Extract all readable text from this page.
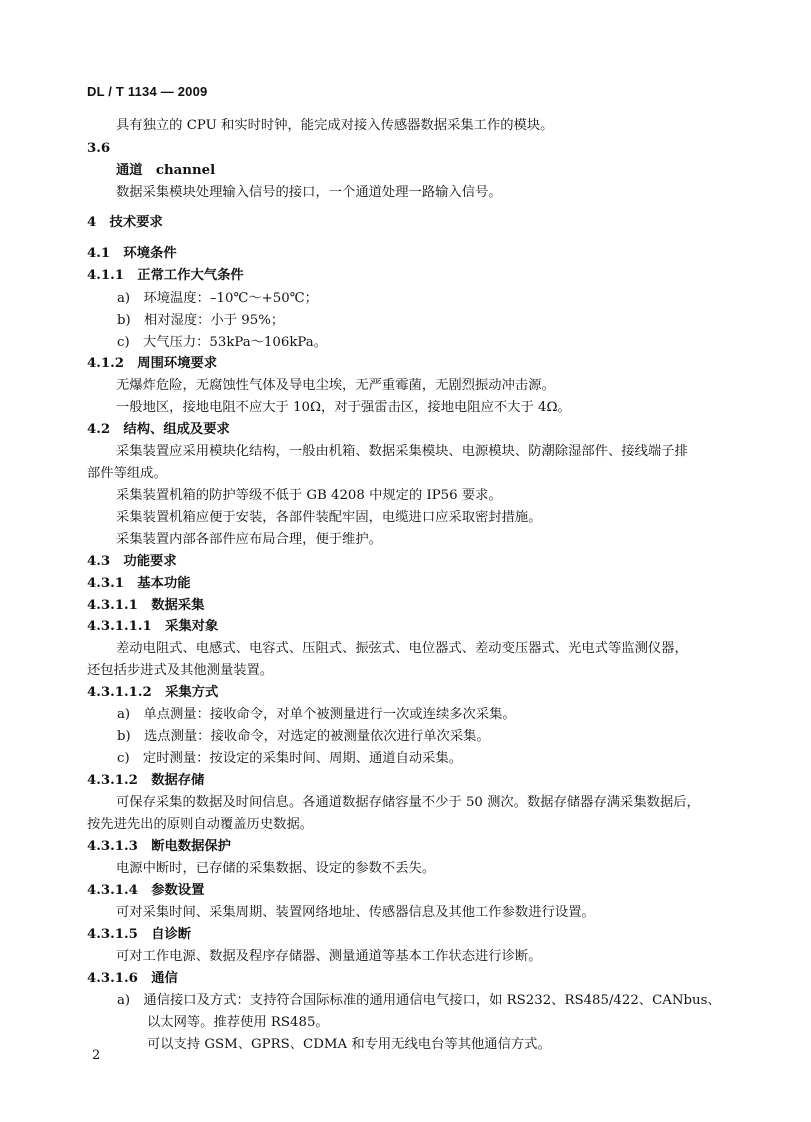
DL / T 1134 — 2009
具有独立的 CPU 和实时时钟，能完成对接入传感器数据采集工作的模块。
3.6
通道　channel
数据采集模块处理输入信号的接口，一个通道处理一路输入信号。
4　技术要求
4.1　环境条件
4.1.1　正常工作大气条件
a)　环境温度：–10℃～+50℃；
b)　相对湿度：小于 95%；
c)　大气压力：53kPa～106kPa。
4.1.2　周围环境要求
无爆炸危险，无腐蚀性气体及导电尘埃，无严重霉菌，无剧烈振动冲击源。
一般地区，接地电阻不应大于 10Ω，对于强雷击区，接地电阻应不大于 4Ω。
4.2　结构、组成及要求
采集装置应采用模块化结构，一般由机箱、数据采集模块、电源模块、防潮除湿部件、接线端子排
部件等组成。
采集装置机箱的防护等级不低于 GB 4208 中规定的 IP56 要求。
采集装置机箱应便于安装，各部件装配牢固，电缆进口应采取密封措施。
采集装置内部各部件应布局合理，便于维护。
4.3　功能要求
4.3.1　基本功能
4.3.1.1　数据采集
4.3.1.1.1　采集对象
差动电阻式、电感式、电容式、压阻式、振弦式、电位器式、差动变压器式、光电式等监测仪器，
还包括步进式及其他测量装置。
4.3.1.1.2　采集方式
a)　单点测量：接收命令，对单个被测量进行一次或连续多次采集。
b)　选点测量：接收命令，对选定的被测量依次进行单次采集。
c)　定时测量：按设定的采集时间、周期、通道自动采集。
4.3.1.2　数据存储
可保存采集的数据及时间信息。各通道数据存储容量不少于 50 测次。数据存储器存满采集数据后，
按先进先出的原则自动覆盖历史数据。
4.3.1.3　断电数据保护
电源中断时，已存储的采集数据、设定的参数不丢失。
4.3.1.4　参数设置
可对采集时间、采集周期、装置网络地址、传感器信息及其他工作参数进行设置。
4.3.1.5　自诊断
可对工作电源、数据及程序存储器、测量通道等基本工作状态进行诊断。
4.3.1.6　通信
a)　通信接口及方式：支持符合国际标准的通用通信电气接口，如 RS232、RS485/422、CANbus、
以太网等。推荐使用 RS485。
可以支持 GSM、GPRS、CDMA 和专用无线电台等其他通信方式。
2
